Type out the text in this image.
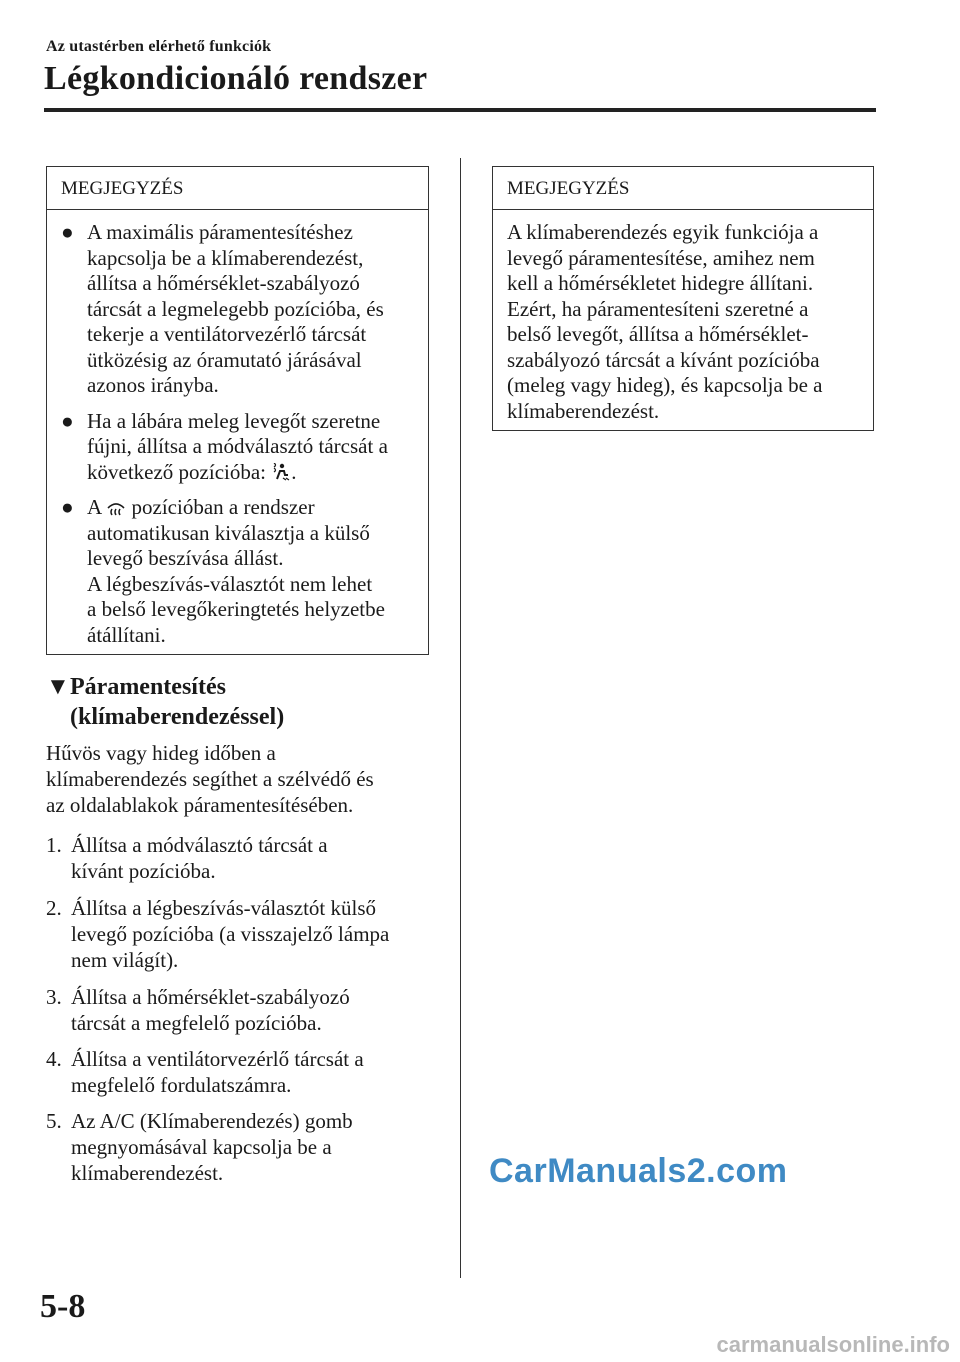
Az utastérben elérhető funkciók
Légkondicionáló rendszer
MEGJEGYZÉS
● A maximális páramentesítéshez
kapcsolja be a klímaberendezést,
állítsa a hőmérséklet-szabályozó
tárcsát a legmelegebb pozícióba, és
tekerje a ventilátorvezérlő tárcsát
ütközésig az óramutató járásával
azonos irányba.
● Ha a lábára meleg levegőt szeretne
fújni, állítsa a módválasztó tárcsát a
következő pozícióba: .
● A pozícióban a rendszer
automatikusan kiválasztja a külső
levegő beszívása állást.
A légbeszívás-választót nem lehet
a belső levegőkeringtetés helyzetbe
átállítani.
▼Páramentesítés
(klímaberendezéssel)
Hűvös vagy hideg időben a
klímaberendezés segíthet a szélvédő és
az oldalablakok páramentesítésében.
1. Állítsa a módválasztó tárcsát a
kívánt pozícióba.
2. Állítsa a légbeszívás-választót külső
levegő pozícióba (a visszajelző lámpa
nem világít).
3. Állítsa a hőmérséklet-szabályozó
tárcsát a megfelelő pozícióba.
4. Állítsa a ventilátorvezérlő tárcsát a
megfelelő fordulatszámra.
5. Az A/C (Klímaberendezés) gomb
megnyomásával kapcsolja be a
klímaberendezést.
MEGJEGYZÉS
A klímaberendezés egyik funkciója a
levegő páramentesítése, amihez nem
kell a hőmérsékletet hidegre állítani.
Ezért, ha páramentesíteni szeretné a
belső levegőt, állítsa a hőmérséklet-
szabályozó tárcsát a kívánt pozícióba
(meleg vagy hideg), és kapcsolja be a
klímaberendezést.
CarManuals2.com
5-8
carmanualsonline.info
